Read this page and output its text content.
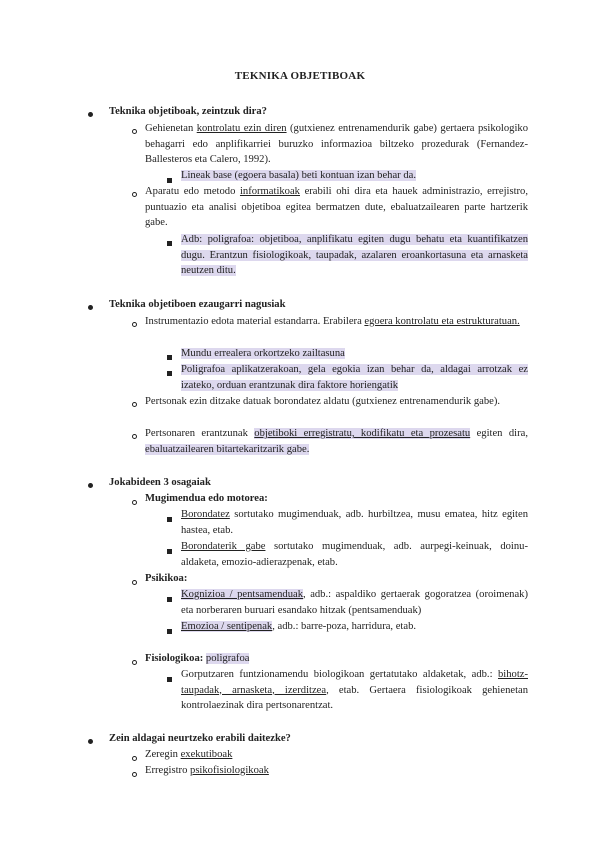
TEKNIKA OBJETIBOAK
Teknika objetiboak, zeintzuk dira?
Gehienetan kontrolatu ezin diren (gutxienez entrenamendurik gabe) gertaera psikologiko behagarri edo anplifikarriei buruzko informazioa biltzeko prozedurak (Fernandez-Ballesteros eta Calero, 1992).
Lineak base (egoera basala) beti kontuan izan behar da.
Aparatu edo metodo informatikoak erabili ohi dira eta hauek administrazio, errejistro, puntuazio eta analisi objetiboa egitea bermatzen dute, ebaluatzailearen parte hartzerik gabe.
Adb: poligrafoa: objetiboa, anplifikatu egiten dugu behatu eta kuantifikatzen dugu. Erantzun fisiologikoak, taupadak, azalaren eroankortasuna eta arnasketa neutzen ditu.
Teknika objetiboen ezaugarri nagusiak
Instrumentazio edota material estandarra. Erabilera egoera kontrolatu eta estrukturatuan.
Mundu errealera orkortzeko zailtasuna
Poligrafoa aplikatzerakoan, gela egokia izan behar da, aldagai arrotzak ez izateko, orduan erantzunak dira faktore horiengatik
Pertsonak ezin ditzake datuak borondatez aldatu (gutxienez entrenamendurik gabe).
Pertsonaren erantzunak objetiboki erregistratu, kodifikatu eta prozesatu egiten dira, ebaluatzailearen bitartekaritzarik gabe.
Jokabideen 3 osagaiak
Mugimendua edo motorea:
Borondatez sortutako mugimenduak, adb. hurbiltzea, musu ematea, hitz egiten hastea, etab.
Borondaterik gabe sortutako mugimenduak, adb. aurpegi-keinuak, doinu-aldaketa, emozio-adierazpenak, etab.
Psikikoa:
Kognizioa / pentsamenduak, adb.: aspaldiko gertaerak gogoratzea (oroimenak) eta norberaren buruari esandako hitzak (pentsamenduak)
Emozioa / sentipenak, adb.: barre-poza, harridura, etab.
Fisiologikoa: poligrafoa
Gorputzaren funtzionamendu biologikoan gertatutako aldaketak, adb.: bihotz-taupadak, arnasketa, izerditzea, etab. Gertaera fisiologikoak gehienetan kontrolaezinak dira pertsonarentzat.
Zein aldagai neurtzeko erabili daitezke?
Zeregin exekutiboak
Erregistro psikofisiologikoak
